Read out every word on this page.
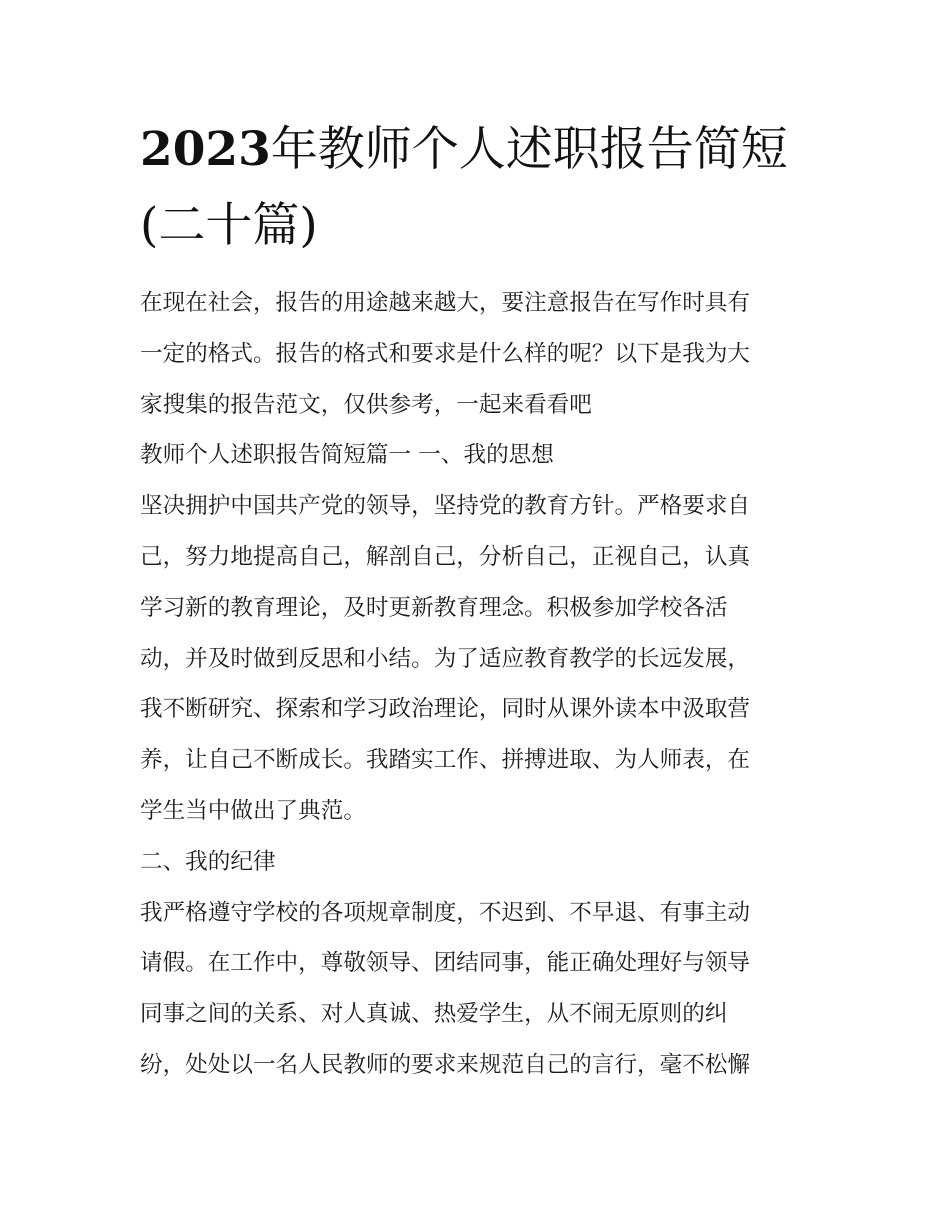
2023年教师个人述职报告简短
(二十篇)
在现在社会，报告的用途越来越大，要注意报告在写作时具有
一定的格式。报告的格式和要求是什么样的呢？以下是我为大
家搜集的报告范文，仅供参考，一起来看看吧
教师个人述职报告简短篇一 一、我的思想
坚决拥护中国共产党的领导，坚持党的教育方针。严格要求自
己，努力地提高自己，解剖自己，分析自己，正视自己，认真
学习新的教育理论，及时更新教育理念。积极参加学校各活
动，并及时做到反思和小结。为了适应教育教学的长远发展，
我不断研究、探索和学习政治理论，同时从课外读本中汲取营
养，让自己不断成长。我踏实工作、拼搏进取、为人师表，在
学生当中做出了典范。
二、我的纪律
我严格遵守学校的各项规章制度，不迟到、不早退、有事主动
请假。在工作中，尊敬领导、团结同事，能正确处理好与领导
同事之间的关系、对人真诚、热爱学生，从不闹无原则的纠
纷，处处以一名人民教师的要求来规范自己的言行，毫不松懈
